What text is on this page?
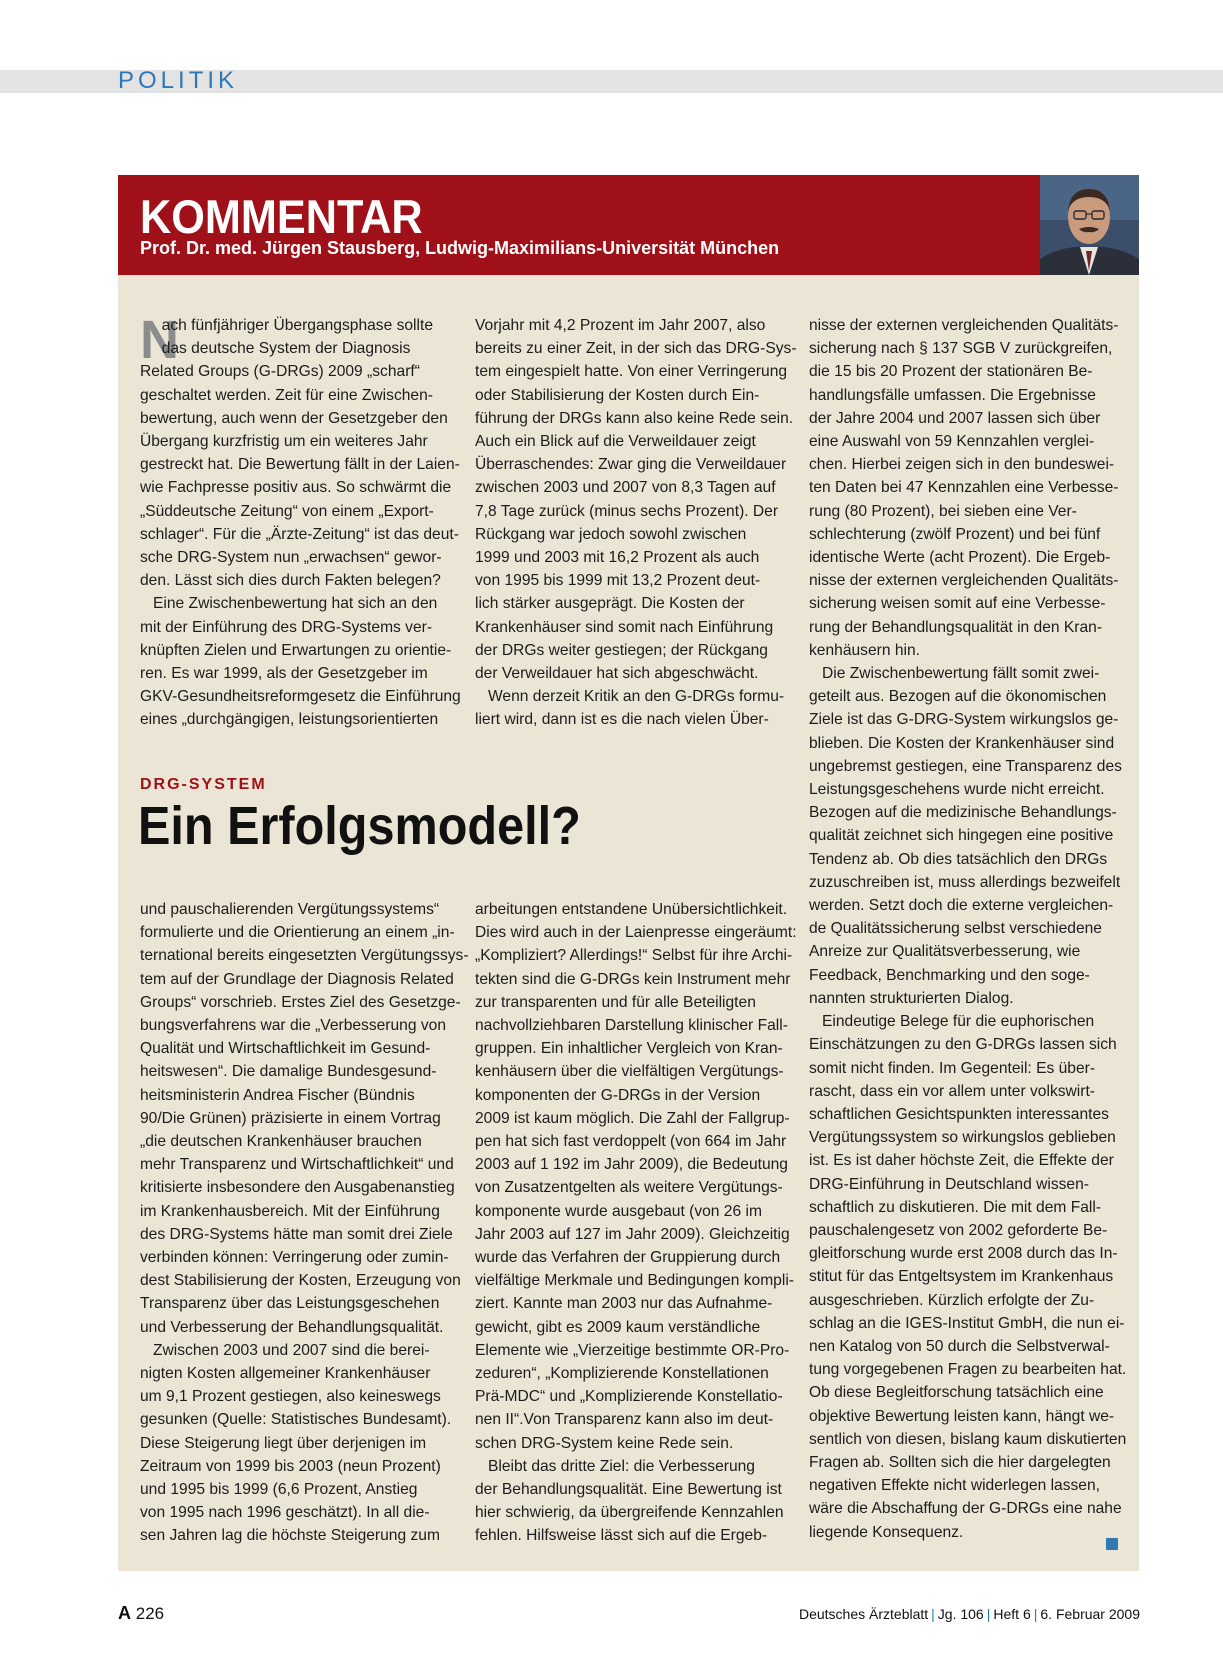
POLITIK
KOMMENTAR
Prof. Dr. med. Jürgen Stausberg, Ludwig-Maximilians-Universität München
N
ach fünfjähriger Übergangsphase sollte
das deutsche System der Diagnosis
Related Groups (G-DRGs) 2009 „scharf“
geschaltet werden. Zeit für eine Zwischen-
bewertung, auch wenn der Gesetzgeber den
Übergang kurzfristig um ein weiteres Jahr
gestreckt hat. Die Bewertung fällt in der Laien-
wie Fachpresse positiv aus. So schwärmt die
„Süddeutsche Zeitung“ von einem „Export-
schlager“. Für die „Ärzte-Zeitung“ ist das deut-
sche DRG-System nun „erwachsen“ gewor-
den. Lässt sich dies durch Fakten belegen?
Eine Zwischenbewertung hat sich an den
mit der Einführung des DRG-Systems ver-
knüpften Zielen und Erwartungen zu orientie-
ren. Es war 1999, als der Gesetzgeber im
GKV-Gesundheitsreformgesetz die Einführung
eines „durchgängigen, leistungsorientierten
Vorjahr mit 4,2 Prozent im Jahr 2007, also
bereits zu einer Zeit, in der sich das DRG-Sys-
tem eingespielt hatte. Von einer Verringerung
oder Stabilisierung der Kosten durch Ein-
führung der DRGs kann also keine Rede sein.
Auch ein Blick auf die Verweildauer zeigt
Überraschendes: Zwar ging die Verweildauer
zwischen 2003 und 2007 von 8,3 Tagen auf
7,8 Tage zurück (minus sechs Prozent). Der
Rückgang war jedoch sowohl zwischen
1999 und 2003 mit 16,2 Prozent als auch
von 1995 bis 1999 mit 13,2 Prozent deut-
lich stärker ausgeprägt. Die Kosten der
Krankenhäuser sind somit nach Einführung
der DRGs weiter gestiegen; der Rückgang
der Verweildauer hat sich abgeschwächt.
Wenn derzeit Kritik an den G-DRGs formu-
liert wird, dann ist es die nach vielen Über-
nisse der externen vergleichenden Qualitäts-
sicherung nach § 137 SGB V zurückgreifen,
die 15 bis 20 Prozent der stationären Be-
handlungsfälle umfassen. Die Ergebnisse
der Jahre 2004 und 2007 lassen sich über
eine Auswahl von 59 Kennzahlen verglei-
chen. Hierbei zeigen sich in den bundeswei-
ten Daten bei 47 Kennzahlen eine Verbesse-
rung (80 Prozent), bei sieben eine Ver-
schlechterung (zwölf Prozent) und bei fünf
identische Werte (acht Prozent). Die Ergeb-
nisse der externen vergleichenden Qualitäts-
sicherung weisen somit auf eine Verbesse-
rung der Behandlungsqualität in den Kran-
kenhäusern hin.
Die Zwischenbewertung fällt somit zwei-
geteilt aus. Bezogen auf die ökonomischen
Ziele ist das G-DRG-System wirkungslos ge-
blieben. Die Kosten der Krankenhäuser sind
ungebremst gestiegen, eine Transparenz des
Leistungsgeschehens wurde nicht erreicht.
Bezogen auf die medizinische Behandlungs-
qualität zeichnet sich hingegen eine positive
Tendenz ab. Ob dies tatsächlich den DRGs
zuzuschreiben ist, muss allerdings bezweifelt
werden. Setzt doch die externe vergleichen-
de Qualitätssicherung selbst verschiedene
Anreize zur Qualitätsverbesserung, wie
Feedback, Benchmarking und den soge-
nannten strukturierten Dialog.
Eindeutige Belege für die euphorischen
Einschätzungen zu den G-DRGs lassen sich
somit nicht finden. Im Gegenteil: Es über-
rascht, dass ein vor allem unter volkswirt-
schaftlichen Gesichtspunkten interessantes
Vergütungssystem so wirkungslos geblieben
ist. Es ist daher höchste Zeit, die Effekte der
DRG-Einführung in Deutschland wissen-
schaftlich zu diskutieren. Die mit dem Fall-
pauschalengesetz von 2002 geforderte Be-
gleitforschung wurde erst 2008 durch das In-
stitut für das Entgeltsystem im Krankenhaus
ausgeschrieben. Kürzlich erfolgte der Zu-
schlag an die IGES-Institut GmbH, die nun ei-
nen Katalog von 50 durch die Selbstverwal-
tung vorgegebenen Fragen zu bearbeiten hat.
Ob diese Begleitforschung tatsächlich eine
objektive Bewertung leisten kann, hängt we-
sentlich von diesen, bislang kaum diskutierten
Fragen ab. Sollten sich die hier dargelegten
negativen Effekte nicht widerlegen lassen,
wäre die Abschaffung der G-DRGs eine nahe
liegende Konsequenz.
DRG-SYSTEM
Ein Erfolgsmodell?
und pauschalierenden Vergütungssystems“
formulierte und die Orientierung an einem „in-
ternational bereits eingesetzten Vergütungssys-
tem auf der Grundlage der Diagnosis Related
Groups“ vorschrieb. Erstes Ziel des Gesetzge-
bungsverfahrens war die „Verbesserung von
Qualität und Wirtschaftlichkeit im Gesund-
heitswesen“. Die damalige Bundesgesund-
heitsministerin Andrea Fischer (Bündnis
90/Die Grünen) präzisierte in einem Vortrag
„die deutschen Krankenhäuser brauchen
mehr Transparenz und Wirtschaftlichkeit“ und
kritisierte insbesondere den Ausgabenanstieg
im Krankenhausbereich. Mit der Einführung
des DRG-Systems hätte man somit drei Ziele
verbinden können: Verringerung oder zumin-
dest Stabilisierung der Kosten, Erzeugung von
Transparenz über das Leistungsgeschehen
und Verbesserung der Behandlungsqualität.
Zwischen 2003 und 2007 sind die berei-
nigten Kosten allgemeiner Krankenhäuser
um 9,1 Prozent gestiegen, also keineswegs
gesunken (Quelle: Statistisches Bundesamt).
Diese Steigerung liegt über derjenigen im
Zeitraum von 1999 bis 2003 (neun Prozent)
und 1995 bis 1999 (6,6 Prozent, Anstieg
von 1995 nach 1996 geschätzt). In all die-
sen Jahren lag die höchste Steigerung zum
arbeitungen entstandene Unübersichtlichkeit.
Dies wird auch in der Laienpresse eingeräumt:
„Kompliziert? Allerdings!“ Selbst für ihre Archi-
tekten sind die G-DRGs kein Instrument mehr
zur transparenten und für alle Beteiligten
nachvollziehbaren Darstellung klinischer Fall-
gruppen. Ein inhaltlicher Vergleich von Kran-
kenhäusern über die vielfältigen Vergütungs-
komponenten der G-DRGs in der Version
2009 ist kaum möglich. Die Zahl der Fallgrup-
pen hat sich fast verdoppelt (von 664 im Jahr
2003 auf 1 192 im Jahr 2009), die Bedeutung
von Zusatzentgelten als weitere Vergütungs-
komponente wurde ausgebaut (von 26 im
Jahr 2003 auf 127 im Jahr 2009). Gleichzeitig
wurde das Verfahren der Gruppierung durch
vielfältige Merkmale und Bedingungen kompli-
ziert. Kannte man 2003 nur das Aufnahme-
gewicht, gibt es 2009 kaum verständliche
Elemente wie „Vierzeitige bestimmte OR-Pro-
zeduren“, „Komplizierende Konstellationen
Prä-MDC“ und „Komplizierende Konstellatio-
nen II“.Von Transparenz kann also im deut-
schen DRG-System keine Rede sein.
Bleibt das dritte Ziel: die Verbesserung
der Behandlungsqualität. Eine Bewertung ist
hier schwierig, da übergreifende Kennzahlen
fehlen. Hilfsweise lässt sich auf die Ergeb-
A 226	Deutsches Ärzteblatt | Jg. 106 | Heft 6 | 6. Februar 2009
